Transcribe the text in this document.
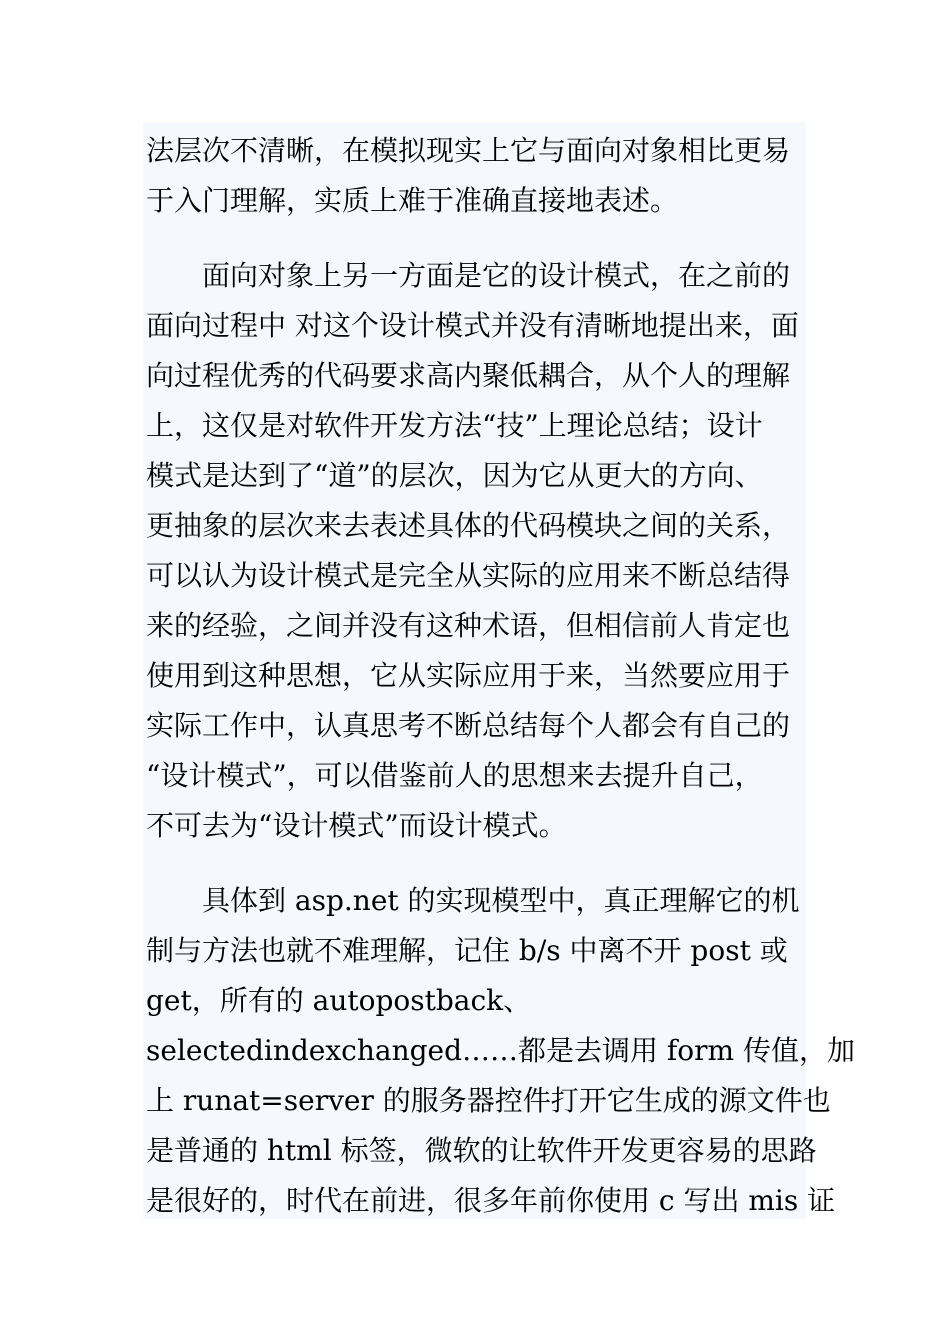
法层次不清晰，在模拟现实上它与面向对象相比更易
于入门理解，实质上难于准确直接地表述。
面向对象上另一方面是它的设计模式，在之前的
面向过程中 对这个设计模式并没有清晰地提出来，面
向过程优秀的代码要求高内聚低耦合，从个人的理解
上，这仅是对软件开发方法“技”上理论总结；设计
模式是达到了“道”的层次，因为它从更大的方向、
更抽象的层次来去表述具体的代码模块之间的关系，
可以认为设计模式是完全从实际的应用来不断总结得
来的经验，之间并没有这种术语，但相信前人肯定也
使用到这种思想，它从实际应用于来，当然要应用于
实际工作中，认真思考不断总结每个人都会有自己的
“设计模式”，可以借鉴前人的思想来去提升自己，
不可去为“设计模式”而设计模式。
具体到 asp.net 的实现模型中，真正理解它的机
制与方法也就不难理解，记住 b/s 中离不开 post 或
get，所有的 autopostback、
selectedindexchanged……都是去调用 form 传值，加
上 runat=server 的服务器控件打开它生成的源文件也
是普通的 html 标签，微软的让软件开发更容易的思路
是很好的，时代在前进，很多年前你使用 c 写出 mis 证
